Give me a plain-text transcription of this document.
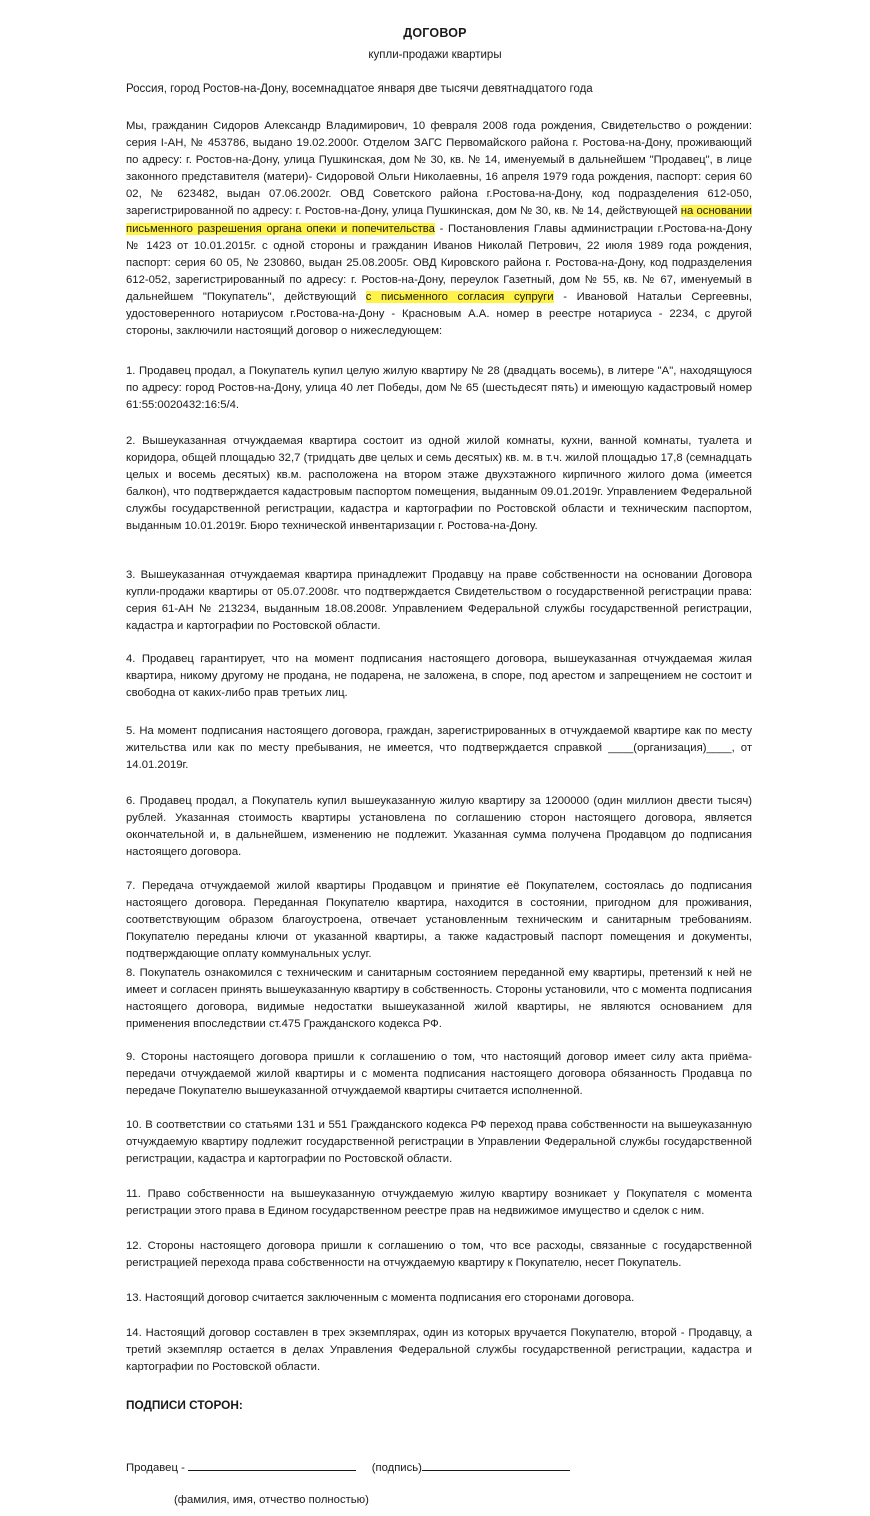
ДОГОВОР
купли-продажи квартиры
Россия, город Ростов-на-Дону, восемнадцатое января две тысячи девятнадцатого года
Мы, гражданин Сидоров Александр Владимирович, 10 февраля 2008 года рождения, Свидетельство о рождении: серия I-АН, № 453786, выдано 19.02.2000г. Отделом ЗАГС Первомайского района г. Ростова-на-Дону, проживающий по адресу: г. Ростов-на-Дону, улица Пушкинская, дом № 30, кв. № 14, именуемый в дальнейшем "Продавец", в лице законного представителя (матери)- Сидоровой Ольги Николаевны, 16 апреля 1979 года рождения, паспорт: серия 60 02, № 623482, выдан 07.06.2002г. ОВД Советского района г.Ростова-на-Дону, код подразделения 612-050, зарегистрированной по адресу: г. Ростов-на-Дону, улица Пушкинская, дом № 30, кв. № 14, действующей на основании письменного разрешения органа опеки и попечительства - Постановления Главы администрации г.Ростова-на-Дону № 1423 от 10.01.2015г. с одной стороны и гражданин Иванов Николай Петрович, 22 июля 1989 года рождения, паспорт: серия 60 05, № 230860, выдан 25.08.2005г. ОВД Кировского района г. Ростова-на-Дону, код подразделения 612-052, зарегистрированный по адресу: г. Ростов-на-Дону, переулок Газетный, дом № 55, кв. № 67, именуемый в дальнейшем "Покупатель", действующий с письменного согласия супруги - Ивановой Натальи Сергеевны, удостоверенного нотариусом г.Ростова-на-Дону - Красновым А.А. номер в реестре нотариуса - 2234, с другой стороны, заключили настоящий договор о нижеследующем:
1. Продавец продал, а Покупатель купил целую жилую квартиру № 28 (двадцать восемь), в литере "А", находящуюся по адресу: город Ростов-на-Дону, улица 40 лет Победы, дом № 65 (шестьдесят пять) и имеющую кадастровый номер 61:55:0020432:16:5/4.
2. Вышеуказанная отчуждаемая квартира состоит из одной жилой комнаты, кухни, ванной комнаты, туалета и коридора, общей площадью 32,7 (тридцать две целых и семь десятых) кв. м. в т.ч. жилой площадью 17,8 (семнадцать целых и восемь десятых) кв.м. расположена на втором этаже двухэтажного кирпичного жилого дома (имеется балкон), что подтверждается кадастровым паспортом помещения, выданным 09.01.2019г. Управлением Федеральной службы государственной регистрации, кадастра и картографии по Ростовской области и техническим паспортом, выданным 10.01.2019г. Бюро технической инвентаризации г. Ростова-на-Дону.
3. Вышеуказанная отчуждаемая квартира принадлежит Продавцу на праве собственности на основании Договора купли-продажи квартиры от 05.07.2008г. что подтверждается Свидетельством о государственной регистрации права: серия 61-АН № 213234, выданным 18.08.2008г. Управлением Федеральной службы государственной регистрации, кадастра и картографии по Ростовской области.
4. Продавец гарантирует, что на момент подписания настоящего договора, вышеуказанная отчуждаемая жилая квартира, никому другому не продана, не подарена, не заложена, в споре, под арестом и запрещением не состоит и свободна от каких-либо прав третьих лиц.
5. На момент подписания настоящего договора, граждан, зарегистрированных в отчуждаемой квартире как по месту жительства или как по месту пребывания, не имеется, что подтверждается справкой ____(организация)____, от 14.01.2019г.
6. Продавец продал, а Покупатель купил вышеуказанную жилую квартиру за 1200000 (один миллион двести тысяч) рублей. Указанная стоимость квартиры установлена по соглашению сторон настоящего договора, является окончательной и, в дальнейшем, изменению не подлежит. Указанная сумма получена Продавцом до подписания настоящего договора.
7. Передача отчуждаемой жилой квартиры Продавцом и принятие её Покупателем, состоялась до подписания настоящего договора. Переданная Покупателю квартира, находится в состоянии, пригодном для проживания, соответствующим образом благоустроена, отвечает установленным техническим и санитарным требованиям. Покупателю переданы ключи от указанной квартиры, а также кадастровый паспорт помещения и документы, подтверждающие оплату коммунальных услуг.
8. Покупатель ознакомился с техническим и санитарным состоянием переданной ему квартиры, претензий к ней не имеет и согласен принять вышеуказанную квартиру в собственность. Стороны установили, что с момента подписания настоящего договора, видимые недостатки вышеуказанной жилой квартиры, не являются основанием для применения впоследствии ст.475 Гражданского кодекса РФ.
9. Стороны настоящего договора пришли к соглашению о том, что настоящий договор имеет силу акта приёма-передачи отчуждаемой жилой квартиры и с момента подписания настоящего договора обязанность Продавца по передаче Покупателю вышеуказанной отчуждаемой квартиры считается исполненной.
10. В соответствии со статьями 131 и 551 Гражданского кодекса РФ переход права собственности на вышеуказанную отчуждаемую квартиру подлежит государственной регистрации в Управлении Федеральной службы государственной регистрации, кадастра и картографии по Ростовской области.
11. Право собственности на вышеуказанную отчуждаемую жилую квартиру возникает у Покупателя с момента регистрации этого права в Едином государственном реестре прав на недвижимое имущество и сделок с ним.
12. Стороны настоящего договора пришли к соглашению о том, что все расходы, связанные с государственной регистрацией перехода права собственности на отчуждаемую квартиру к Покупателю, несет Покупатель.
13. Настоящий договор считается заключенным с момента подписания его сторонами договора.
14. Настоящий договор составлен в трех экземплярах, один из которых вручается Покупателю, второй - Продавцу, а третий экземпляр остается в делах Управления Федеральной службы государственной регистрации, кадастра и картографии по Ростовской области.
ПОДПИСИ СТОРОН:
Продавец -	(подпись)
(фамилия, имя, отчество полностью)
